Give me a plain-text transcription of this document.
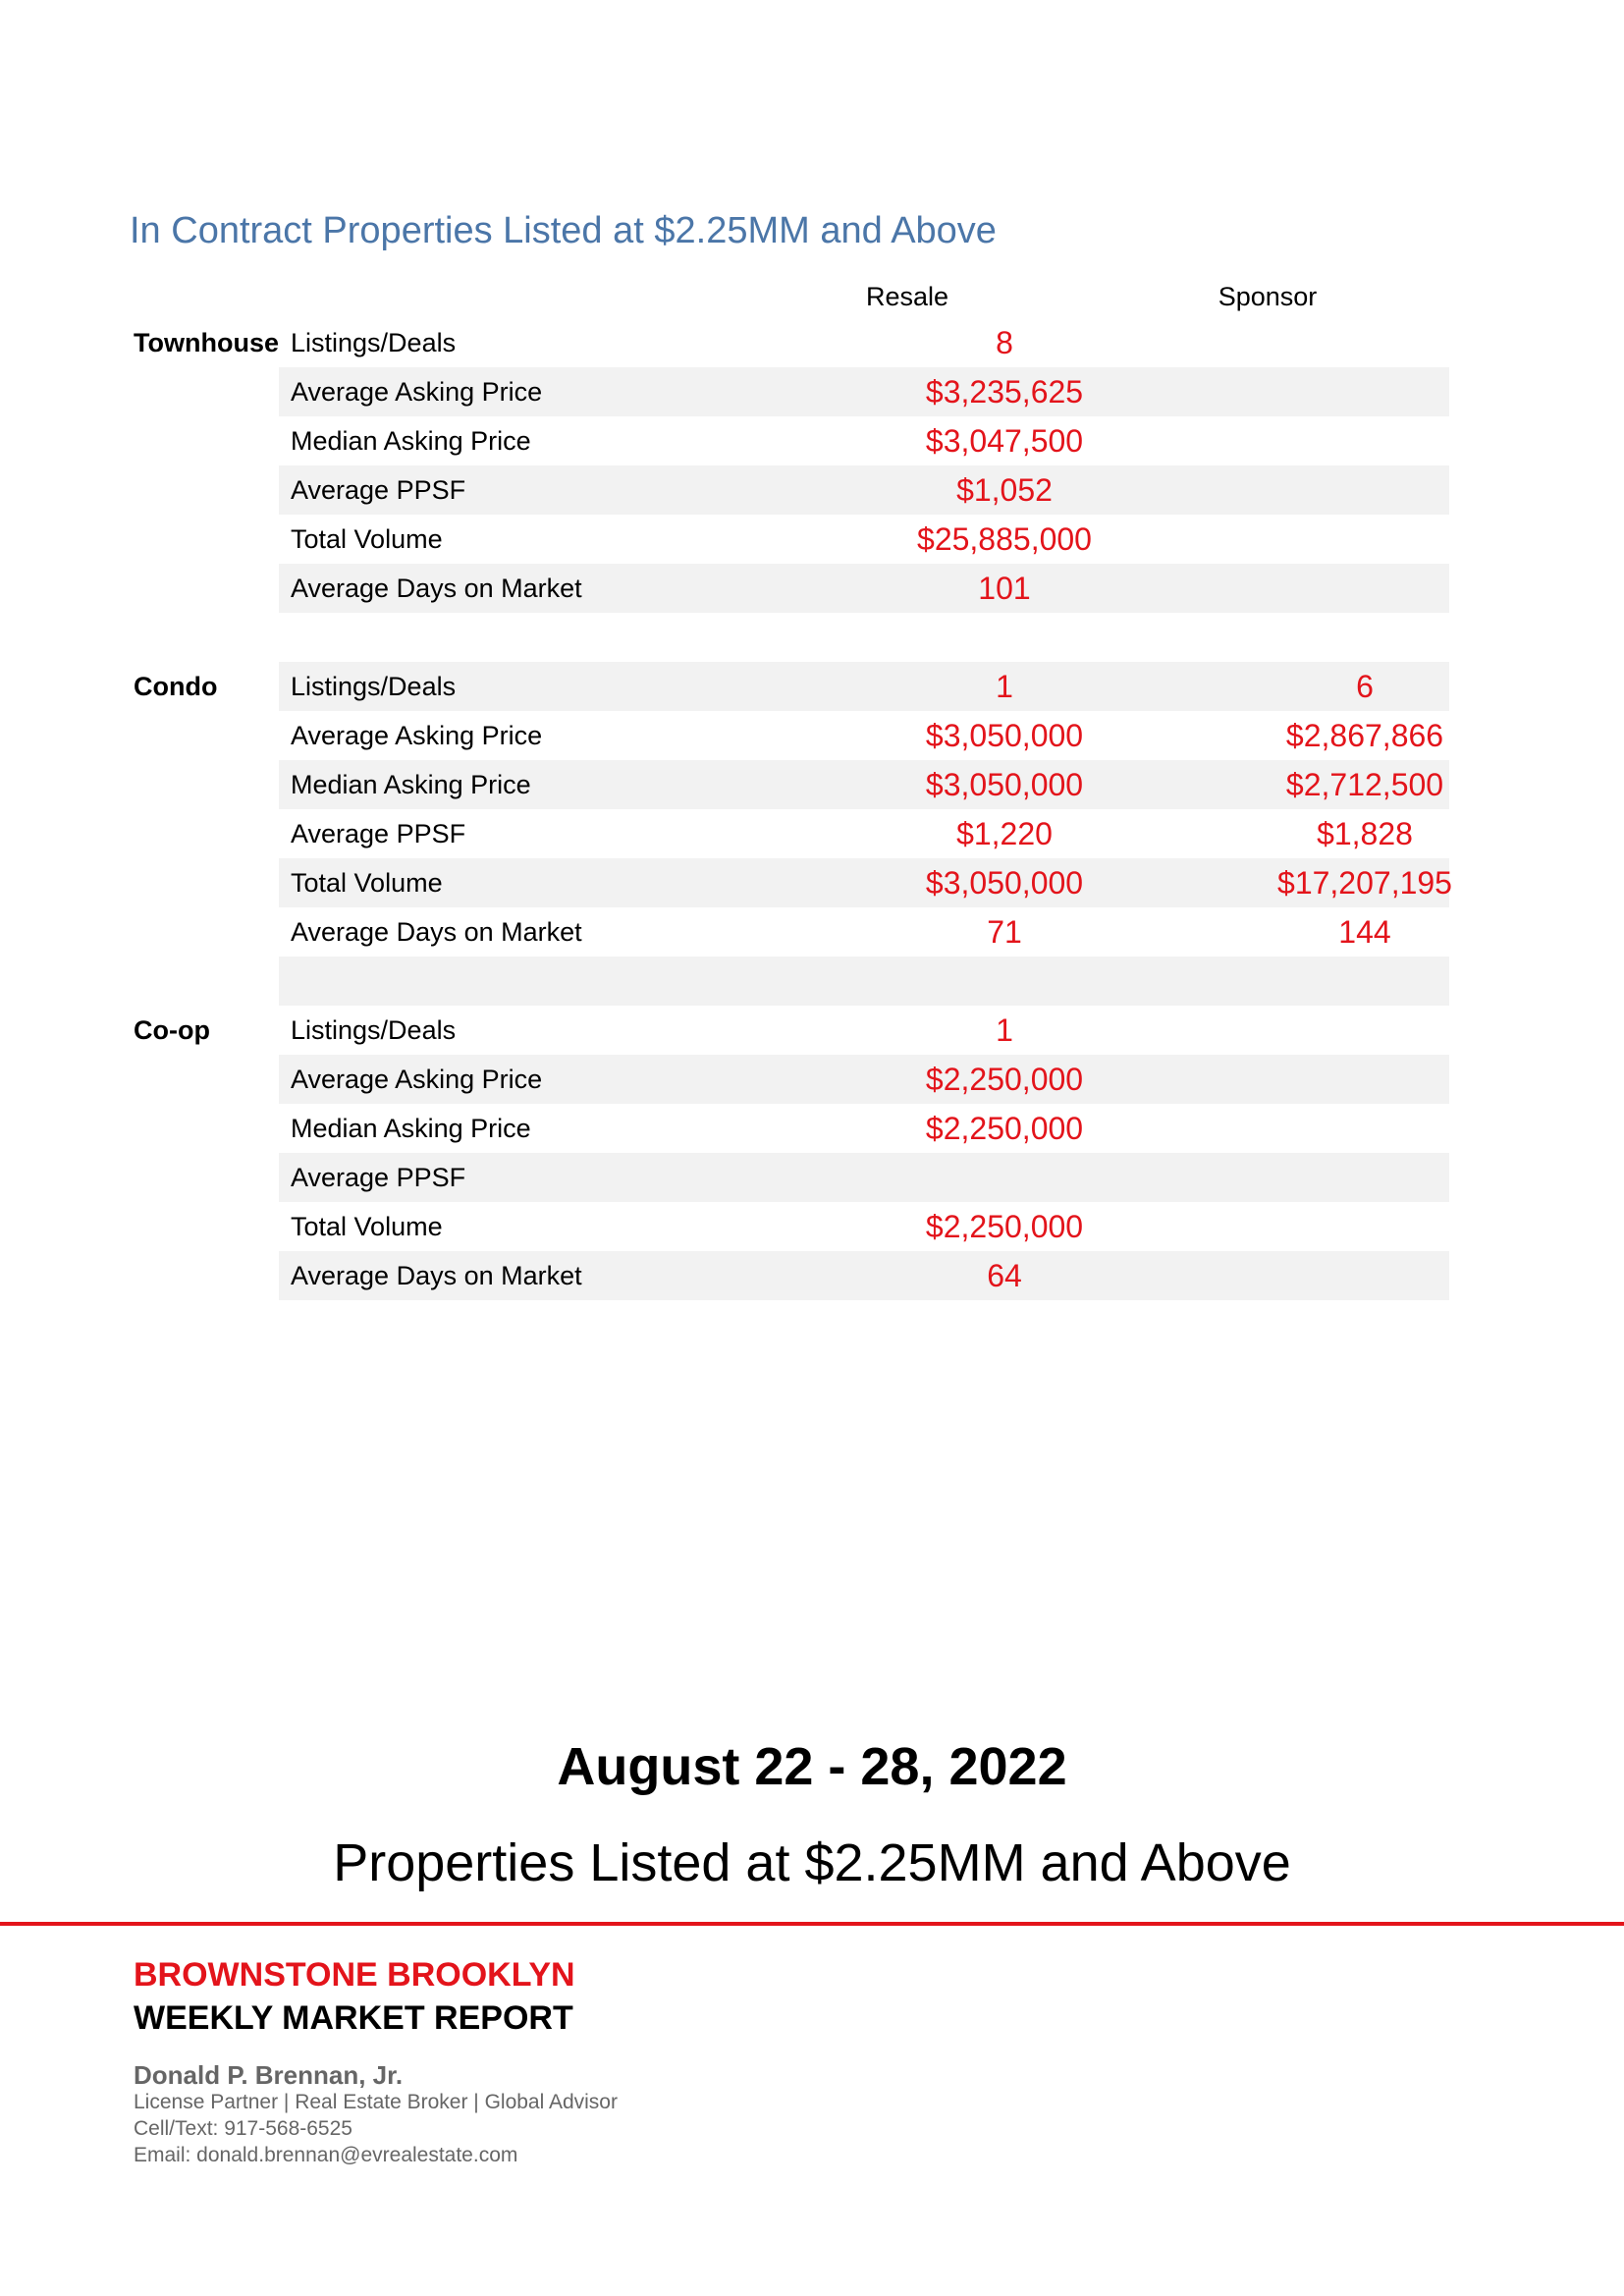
In Contract Properties Listed at $2.25MM and Above
Resale	Sponsor
Townhouse Listings/Deals	8
Average Asking Price	$3,235,625
Median Asking Price	$3,047,500
Average PPSF	$1,052
Total Volume	$25,885,000
Average Days on Market	101
Condo	Listings/Deals	1	6
Average Asking Price	$3,050,000	$2,867,866
Median Asking Price	$3,050,000	$2,712,500
Average PPSF	$1,220	$1,828
Total Volume	$3,050,000	$17,207,195
Average Days on Market	71	144
Co-op	Listings/Deals	1
Average Asking Price	$2,250,000
Median Asking Price	$2,250,000
Average PPSF
Total Volume	$2,250,000
Average Days on Market	64
August 22 - 28, 2022
Properties Listed at $2.25MM and Above
BROWNSTONE BROOKLYN
WEEKLY MARKET REPORT
Donald P. Brennan, Jr.
License Partner | Real Estate Broker | Global Advisor
Cell/Text: 917-568-6525
Email: donald.brennan@evrealestate.com
